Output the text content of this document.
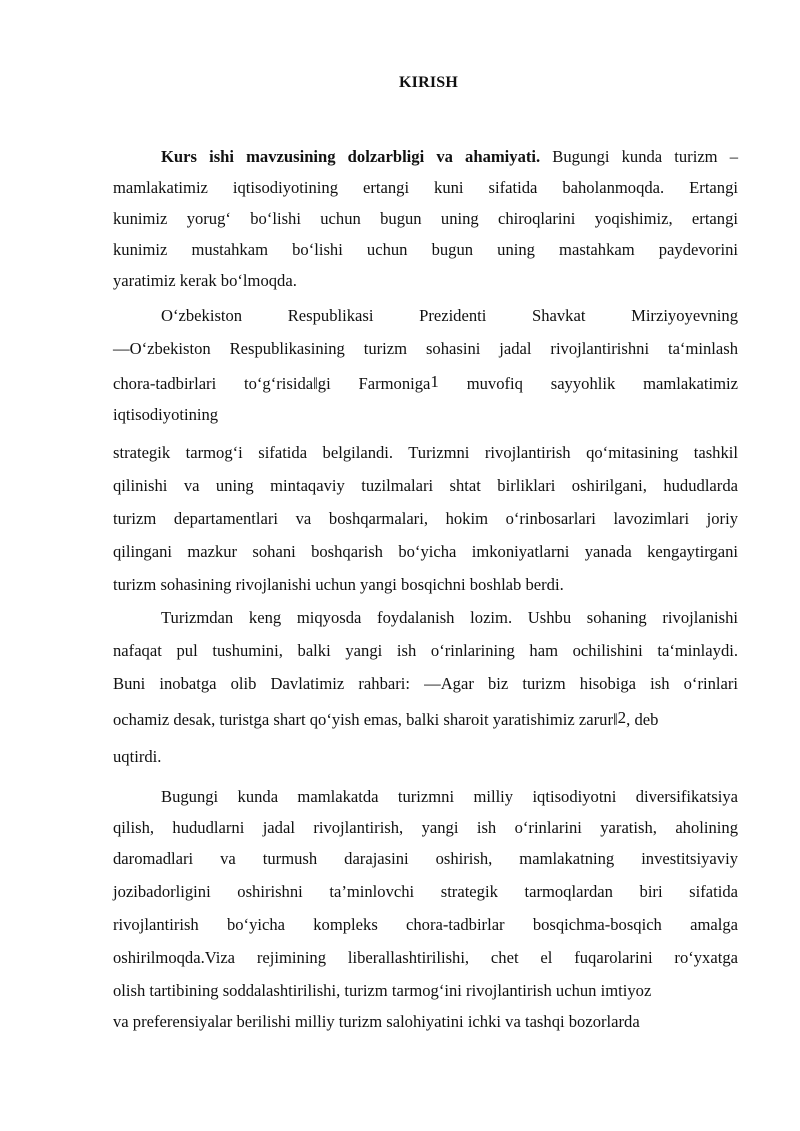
KIRISH
Kurs ishi mavzusining dolzarbligi va ahamiyati. Bugungi kunda turizm –
mamlakatimiz iqtisodiyotining ertangi kuni sifatida baholanmoqda. Ertangi
kunimiz yorug‘ bo‘lishi uchun bugun uning chiroqlarini yoqishimiz, ertangi
kunimiz mustahkam bo‘lishi uchun bugun uning mastahkam paydevorini
yaratimiz kerak bo‘lmoqda.
O‘zbekiston Respublikasi Prezidenti Shavkat Mirziyoyevning
―O‘zbekiston Respublikasining turizm sohasini jadal rivojlantirishni ta‘minlash
chora-tadbirlari to‘g‘risida‖gi Farmoniga1 muvofiq sayyohlik mamlakatimiz
iqtisodiyotining
strategik tarmog‘i sifatida belgilandi. Turizmni rivojlantirish qo‘mitasining tashkil
qilinishi va uning mintaqaviy tuzilmalari shtat birliklari oshirilgani, hududlarda
turizm departamentlari va boshqarmalari, hokim o‘rinbosarlari lavozimlari joriy
qilingani mazkur sohani boshqarish bo‘yicha imkoniyatlarni yanada kengaytirgani
turizm sohasining rivojlanishi uchun yangi bosqichni boshlab berdi.
Turizmdan keng miqyosda foydalanish lozim. Ushbu sohaning rivojlanishi
nafaqat pul tushumini, balki yangi ish o‘rinlarining ham ochilishini ta‘minlaydi.
Buni inobatga olib Davlatimiz rahbari: ―Agar biz turizm hisobiga ish o‘rinlari
ochamiz desak, turistga shart qo‘yish emas, balki sharoit yaratishimiz zarur‖2, deb
uqtirdi.
Bugungi kunda mamlakatda turizmni milliy iqtisodiyotni diversifikatsiya
qilish, hududlarni jadal rivojlantirish, yangi ish o‘rinlarini yaratish, aholining
daromadlari va turmush darajasini oshirish, mamlakatning investitsiyaviy
jozibadorligini oshirishni ta’minlovchi strategik tarmoqlardan biri sifatida
rivojlantirish bo‘yicha kompleks chora-tadbirlar bosqichma-bosqich amalga
oshirilmoqda.Viza rejimining liberallashtirilishi, chet el fuqarolarini ro‘yxatga
olish tartibining soddalashtirilishi, turizm tarmog‘ini rivojlantirish uchun imtiyoz
va preferensiyalar berilishi milliy turizm salohiyatini ichki va tashqi bozorlarda
